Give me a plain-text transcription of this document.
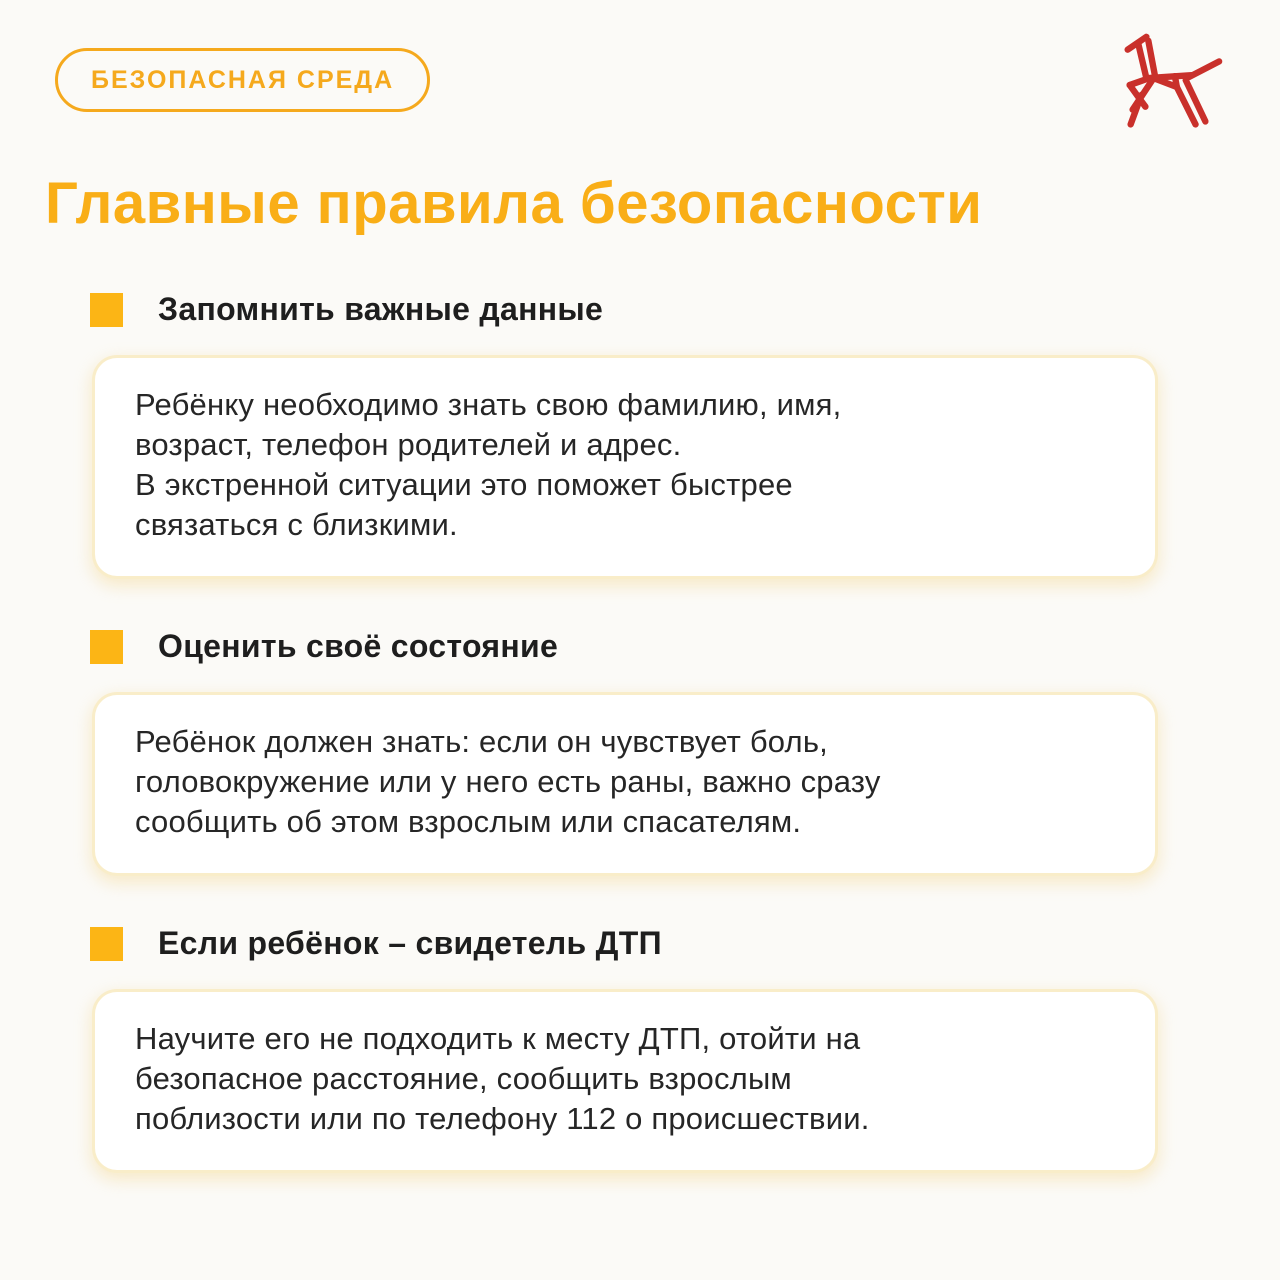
БЕЗОПАСНАЯ СРЕДА
Главные правила безопасности
Запомнить важные данные
Ребёнку необходимо знать свою фамилию, имя,
возраст, телефон родителей и адрес.
В экстренной ситуации это поможет быстрее
связаться с близкими.
Оценить своё состояние
Ребёнок должен знать: если он чувствует боль,
головокружение или у него есть раны, важно сразу
сообщить об этом взрослым или спасателям.
Если ребёнок – свидетель ДТП
Научите его не подходить к месту ДТП, отойти на
безопасное расстояние, сообщить взрослым
поблизости или по телефону 112 о происшествии.
